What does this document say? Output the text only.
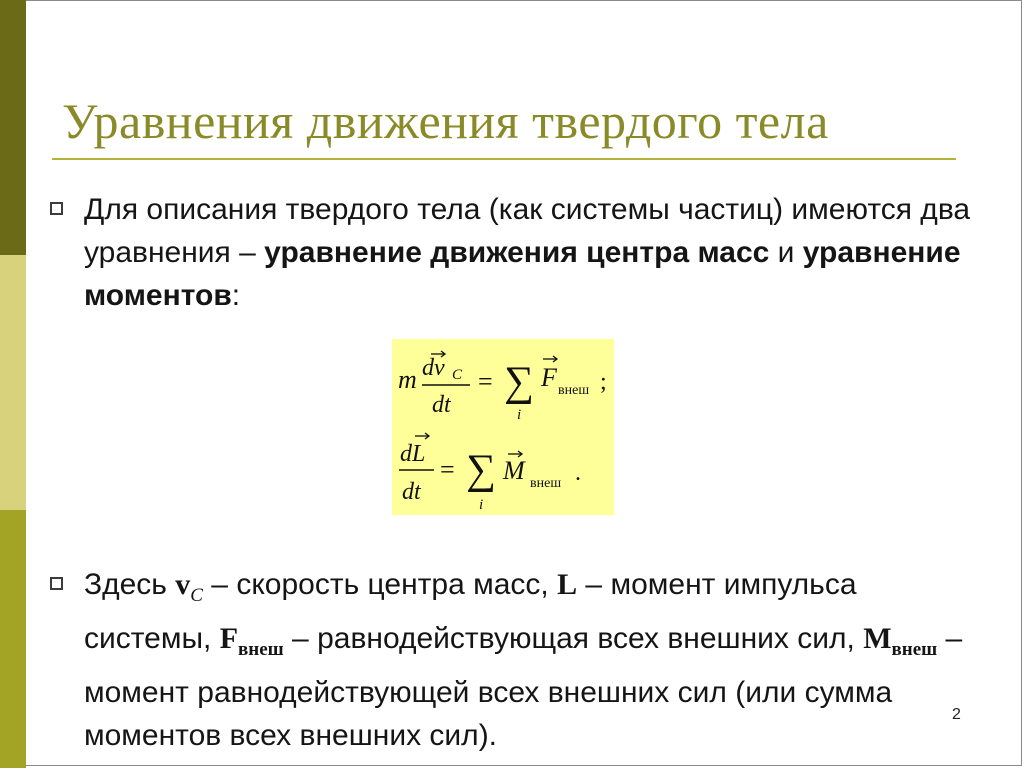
Уравнения движения твердого тела
Для описания твердого тела (как системы частиц) имеются два уравнения – уравнение движения центра масс и уравнение моментов:
m dv C
dt
= ∑
i
F внеш ;
dL
dt
= ∑
i
M внеш .
Здесь $v_C$ – скорость центра масс, L – момент импульса системы, $F_{внеш}$ – равнодействующая всех внешних сил, $M_{внеш}$ – момент равнодействующей всех внешних сил (или сумма моментов всех внешних сил).
2
